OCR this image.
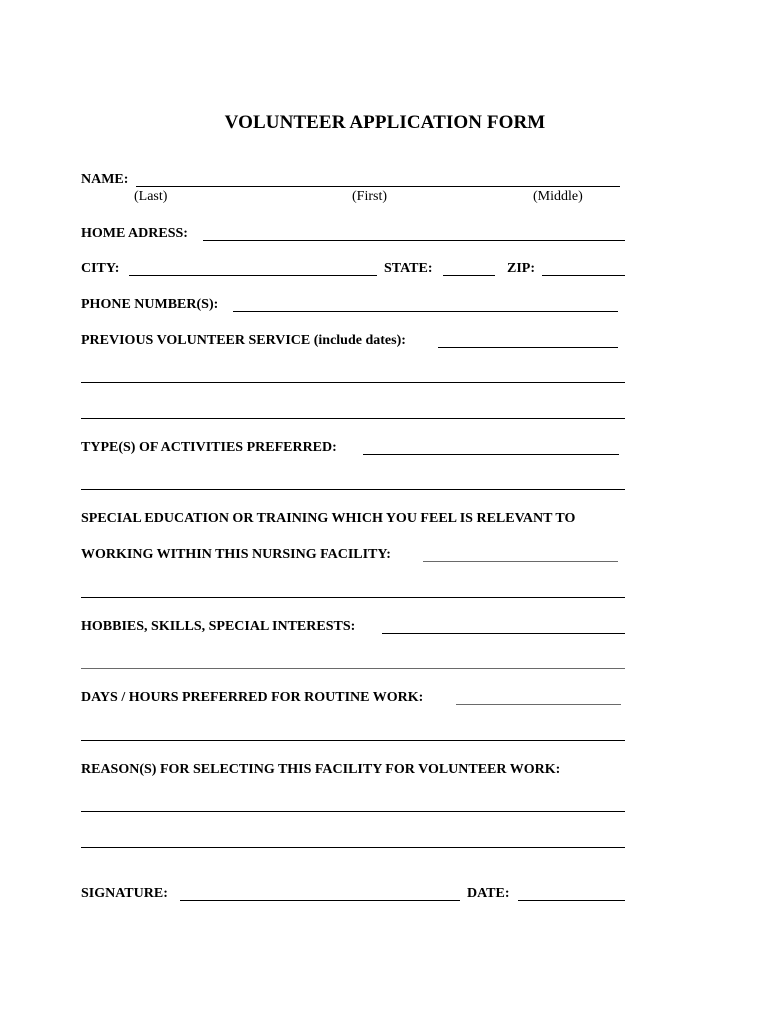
VOLUNTEER APPLICATION FORM
NAME:
(Last)	(First)	(Middle)
HOME ADRESS:
CITY:	STATE:	ZIP:
PHONE NUMBER(S):
PREVIOUS VOLUNTEER SERVICE (include dates):
TYPE(S) OF ACTIVITIES PREFERRED:
SPECIAL EDUCATION OR TRAINING WHICH YOU FEEL IS RELEVANT TO
WORKING WITHIN THIS NURSING FACILITY:
HOBBIES, SKILLS, SPECIAL INTERESTS:
DAYS / HOURS PREFERRED FOR ROUTINE WORK:
REASON(S) FOR SELECTING THIS FACILITY FOR VOLUNTEER WORK:
SIGNATURE:	DATE:
